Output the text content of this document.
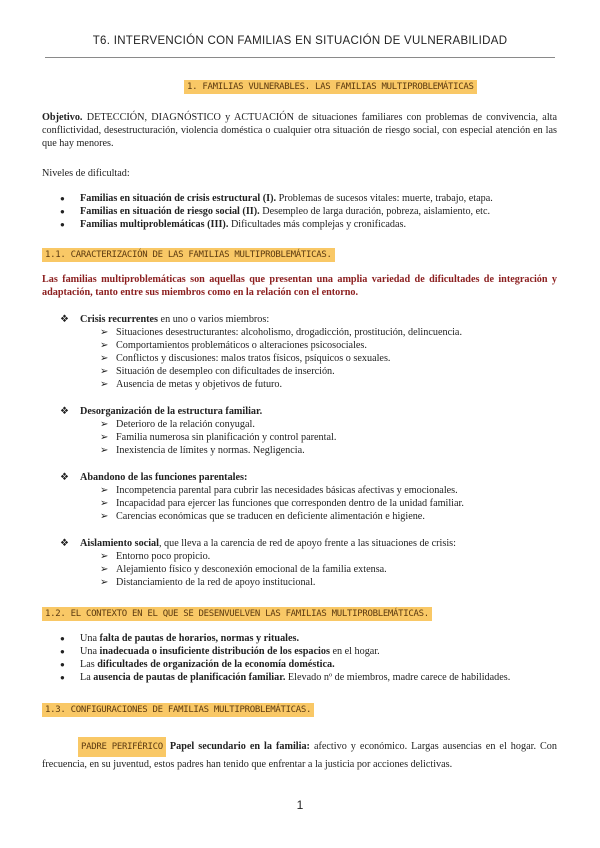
T6. INTERVENCIÓN CON FAMILIAS EN SITUACIÓN DE VULNERABILIDAD
1. FAMILIAS VULNERABLES. LAS FAMILIAS MULTIPROBLEMÁTICAS
Objetivo. DETECCIÓN, DIAGNÓSTICO y ACTUACIÓN de situaciones familiares con problemas de convivencia, alta conflictividad, desestructuración, violencia doméstica o cualquier otra situación de riesgo social, con especial atención en las que hay menores.
Niveles de dificultad:
● Familias en situación de crisis estructural (I). Problemas de sucesos vitales: muerte, trabajo, etapa.
● Familias en situación de riesgo social (II). Desempleo de larga duración, pobreza, aislamiento, etc.
● Familias multiproblemáticas (III). Dificultades más complejas y cronificadas.
1.1. CARACTERIZACIÓN DE LAS FAMILIAS MULTIPROBLEMÁTICAS.
Las familias multiproblemáticas son aquellas que presentan una amplia variedad de dificultades de integración y adaptación, tanto entre sus miembros como en la relación con el entorno.
❖ Crisis recurrentes en uno o varios miembros:
➢ Situaciones desestructurantes: alcoholismo, drogadicción, prostitución, delincuencia.
➢ Comportamientos problemáticos o alteraciones psicosociales.
➢ Conflictos y discusiones: malos tratos físicos, psíquicos o sexuales.
➢ Situación de desempleo con dificultades de inserción.
➢ Ausencia de metas y objetivos de futuro.
❖ Desorganización de la estructura familiar.
➢ Deterioro de la relación conyugal.
➢ Familia numerosa sin planificación y control parental.
➢ Inexistencia de límites y normas. Negligencia.
❖ Abandono de las funciones parentales:
➢ Incompetencia parental para cubrir las necesidades básicas afectivas y emocionales.
➢ Incapacidad para ejercer las funciones que corresponden dentro de la unidad familiar.
➢ Carencias económicas que se traducen en deficiente alimentación e higiene.
❖ Aislamiento social, que lleva a la carencia de red de apoyo frente a las situaciones de crisis:
➢ Entorno poco propicio.
➢ Alejamiento físico y desconexión emocional de la familia extensa.
➢ Distanciamiento de la red de apoyo institucional.
1.2. EL CONTEXTO EN EL QUE SE DESENVUELVEN LAS FAMILIAS MULTIPROBLEMÁTICAS.
● Una falta de pautas de horarios, normas y rituales.
● Una inadecuada o insuficiente distribución de los espacios en el hogar.
● Las dificultades de organización de la economía doméstica.
● La ausencia de pautas de planificación familiar. Elevado nº de miembros, madre carece de habilidades.
1.3. CONFIGURACIONES DE FAMILIAS MULTIPROBLEMÁTICAS.
PADRE PERIFÉRICO Papel secundario en la familia: afectivo y económico. Largas ausencias en el hogar. Con frecuencia, en su juventud, estos padres han tenido que enfrentar a la justicia por acciones delictivas.
1
